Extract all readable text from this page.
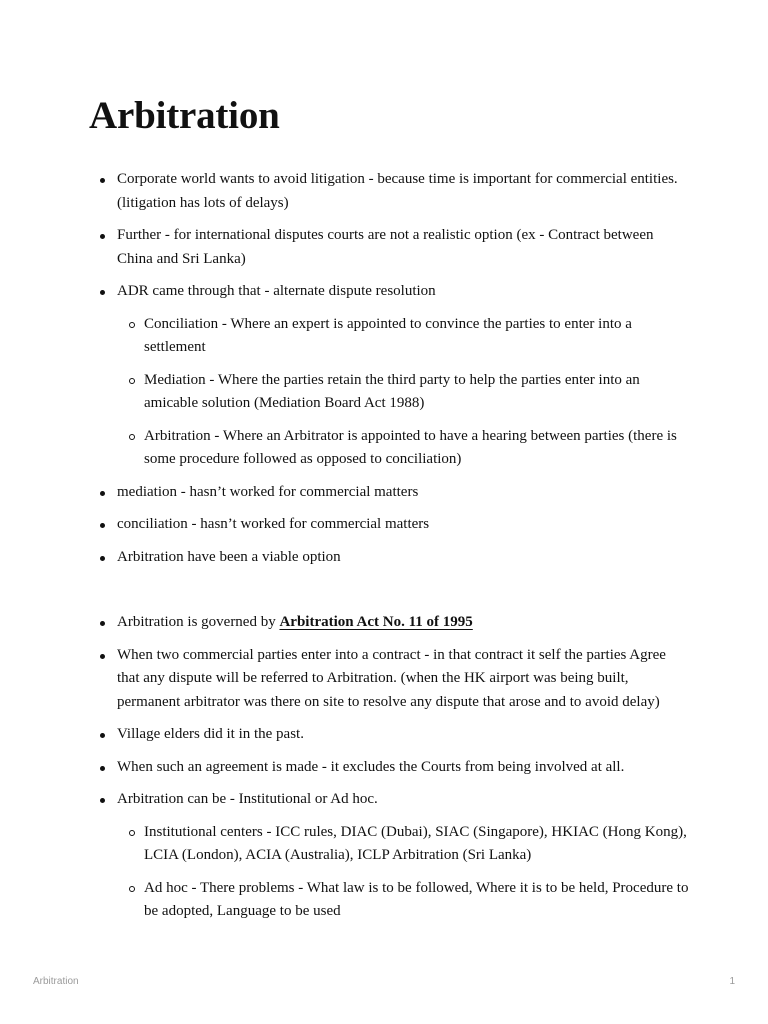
Arbitration
Corporate world wants to avoid litigation - because time is important for commercial entities. (litigation has lots of delays)
Further - for international disputes courts are not a realistic option (ex - Contract between China and Sri Lanka)
ADR came through that - alternate dispute resolution
Conciliation - Where an expert is appointed to convince the parties to enter into a settlement
Mediation - Where the parties retain the third party to help the parties enter into an amicable solution (Mediation Board Act 1988)
Arbitration - Where an Arbitrator is appointed to have a hearing between parties (there is some procedure followed as opposed to conciliation)
mediation - hasn’t worked for commercial matters
conciliation - hasn’t worked for commercial matters
Arbitration have been a viable option
Arbitration is governed by Arbitration Act No. 11 of 1995
When two commercial parties enter into a contract - in that contract it self the parties Agree that any dispute will be referred to Arbitration. (when the HK airport was being built, permanent arbitrator was there on site to resolve any dispute that arose and to avoid delay)
Village elders did it in the past.
When such an agreement is made - it excludes the Courts from being involved at all.
Arbitration can be - Institutional or Ad hoc.
Institutional centers - ICC rules, DIAC (Dubai), SIAC (Singapore), HKIAC (Hong Kong), LCIA (London), ACIA (Australia), ICLP Arbitration (Sri Lanka)
Ad hoc - There problems - What law is to be followed, Where it is to be held, Procedure to be adopted, Language to be used
Arbitration	1
